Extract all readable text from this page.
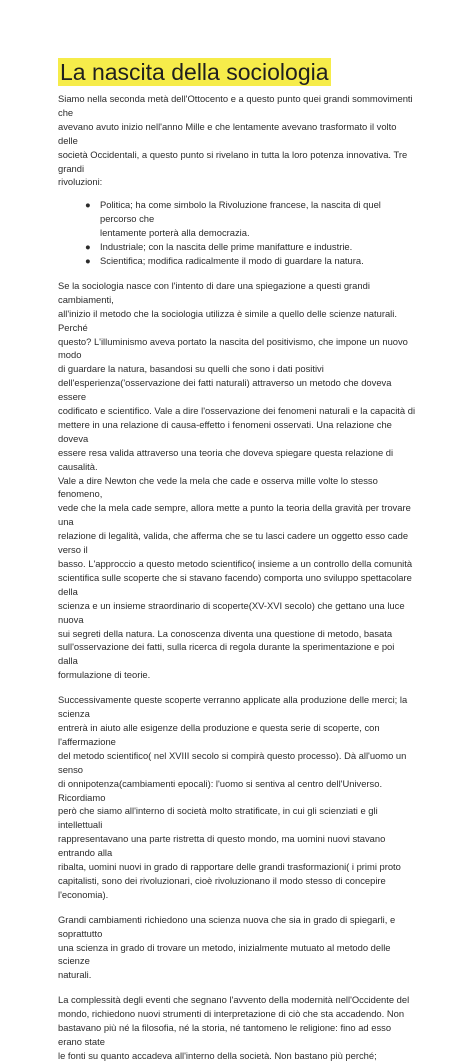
La nascita della sociologia

Siamo nella seconda metà dell'Ottocento e a questo punto quei grandi sommovimenti che
avevano avuto inizio nell'anno Mille e che lentamente avevano trasformato il volto delle
società Occidentali, a questo punto si rivelano in tutta la loro potenza innovativa. Tre grandi
rivoluzioni:

● Politica; ha come simbolo la Rivoluzione francese, la nascita di quel percorso che
lentamente porterà alla democrazia.
● Industriale; con la nascita delle prime manifatture e industrie.
● Scientifica; modifica radicalmente il modo di guardare la natura.

Se la sociologia nasce con l'intento di dare una spiegazione a questi grandi cambiamenti,
all'inizio il metodo che la sociologia utilizza è simile a quello delle scienze naturali. Perché
questo? L'illuminismo aveva portato la nascita del positivismo, che impone un nuovo modo
di guardare la natura, basandosi su quelli che sono i dati positivi
dell'esperienza('osservazione dei fatti naturali) attraverso un metodo che doveva essere
codificato e scientifico. Vale a dire l'osservazione dei fenomeni naturali e la capacità di
mettere in una relazione di causa-effetto i fenomeni osservati. Una relazione che doveva
essere resa valida attraverso una teoria che doveva spiegare questa relazione di causalità.
Vale a dire Newton che vede la mela che cade e osserva mille volte lo stesso fenomeno,
vede che la mela cade sempre, allora mette a punto la teoria della gravità per trovare una
relazione di legalità, valida, che afferma che se tu lasci cadere un oggetto esso cade verso il
basso. L'approccio a questo metodo scientifico( insieme a un controllo della comunità
scientifica sulle scoperte che si stavano facendo) comporta uno sviluppo spettacolare della
scienza e un insieme straordinario di scoperte(XV-XVI secolo) che gettano una luce nuova
sui segreti della natura. La conoscenza diventa una questione di metodo, basata
sull'osservazione dei fatti, sulla ricerca di regola durante la sperimentazione e poi dalla
formulazione di teorie.

Successivamente queste scoperte verranno applicate alla produzione delle merci; la scienza
entrerà in aiuto alle esigenze della produzione e questa serie di scoperte, con l'affermazione
del metodo scientifico( nel XVIII secolo si compirà questo processo). Dà all'uomo un senso
di onnipotenza(cambiamenti epocali): l'uomo si sentiva al centro dell'Universo. Ricordiamo
però che siamo all'interno di società molto stratificate, in cui gli scienziati e gli intellettuali
rappresentavano una parte ristretta di questo mondo, ma uomini nuovi stavano entrando alla
ribalta, uomini nuovi in grado di rapportare delle grandi trasformazioni( i primi proto
capitalisti, sono dei rivoluzionari, cioè rivoluzionano il modo stesso di concepire l'economia).

Grandi cambiamenti richiedono una scienza nuova che sia in grado di spiegarli, e soprattutto
una scienza in grado di trovare un metodo, inizialmente mutuato al metodo delle scienze
naturali.

La complessità degli eventi che segnano l'avvento della modernità nell'Occidente del
mondo, richiedono nuovi strumenti di interpretazione di ciò che sta accadendo. Non
bastavano più né la filosofia, né la storia, né tantomeno le religione: fino ad esso erano state
le fonti su quanto accadeva all'interno della società. Non bastano più perché;
